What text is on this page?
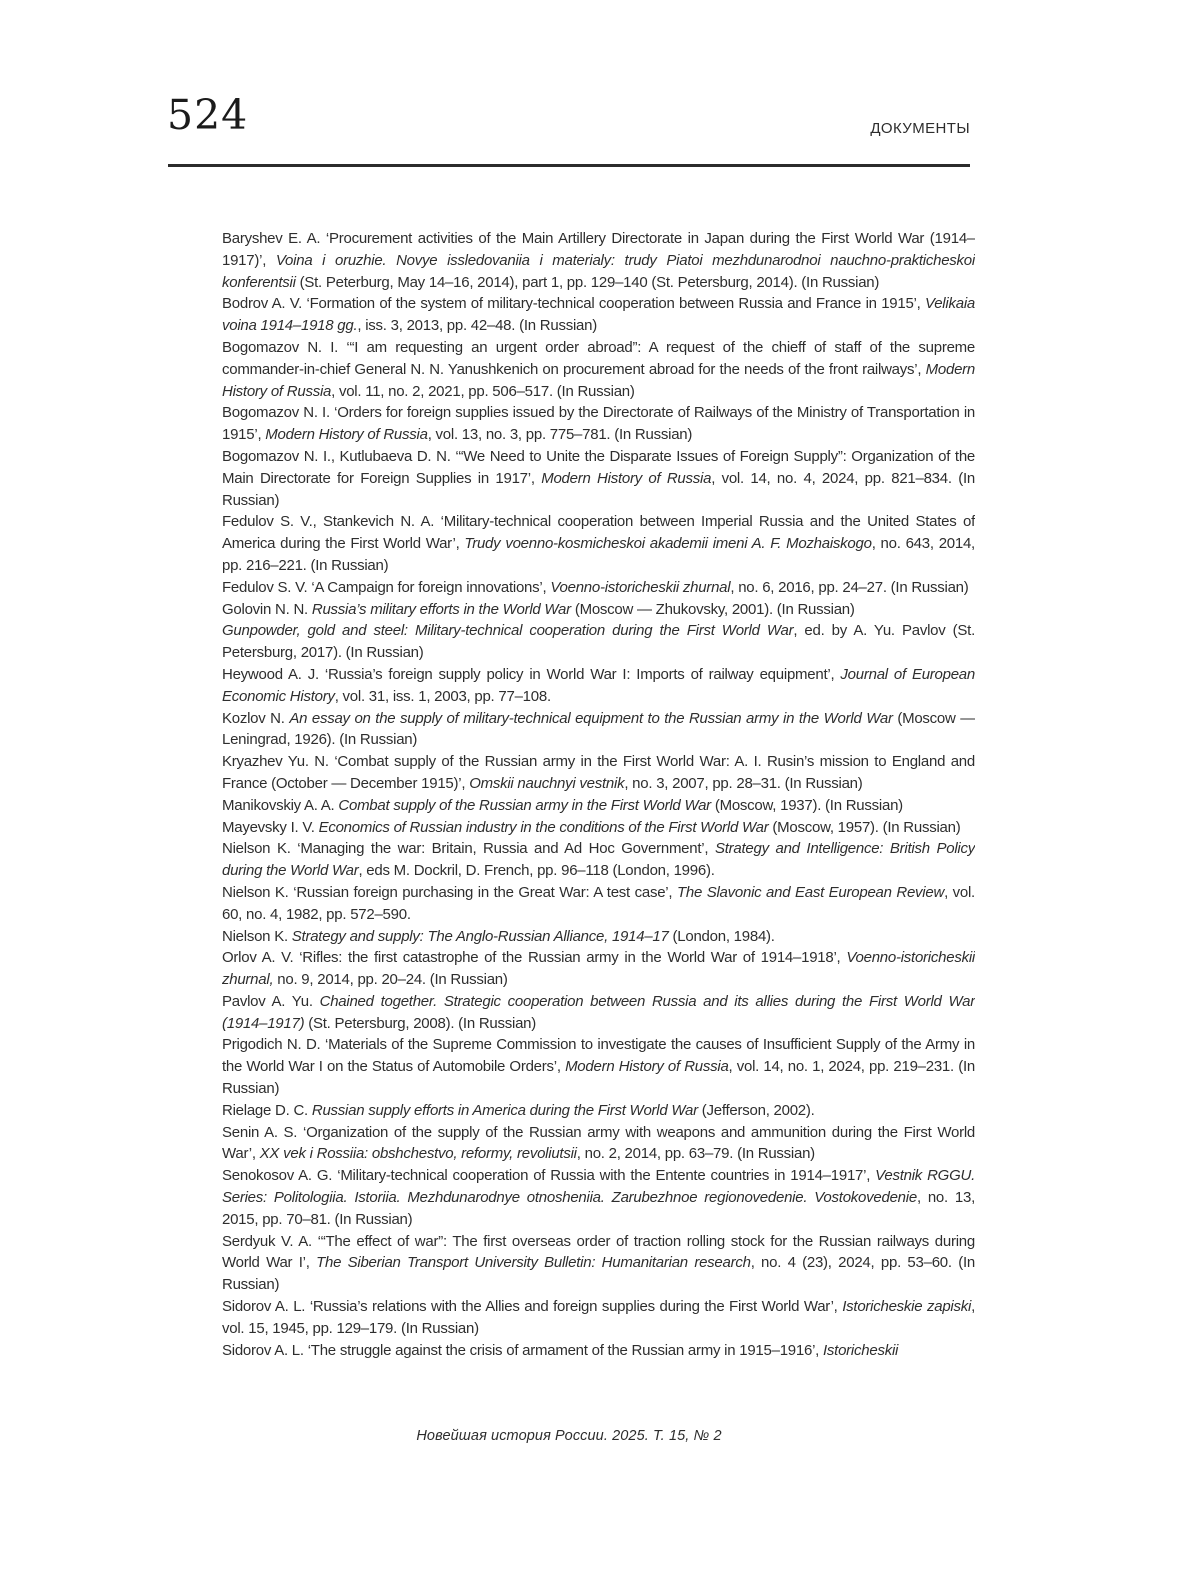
524	ДОКУМЕНТЫ

Baryshev E. A. ‘Procurement activities of the Main Artillery Directorate in Japan during the First World War (1914–1917)’, Voina i oruzhie. Novye issledovaniia i materialy: trudy Piatoi mezhdunarodnoi nauchno-prakticheskoi konferentsii (St. Peterburg, May 14–16, 2014), part 1, pp. 129–140 (St. Petersburg, 2014). (In Russian)

Bodrov A. V. ‘Formation of the system of military-technical cooperation between Russia and France in 1915’, Velikaia voina 1914–1918 gg., iss. 3, 2013, pp. 42–48. (In Russian)

Bogomazov N. I. ‘“I am requesting an urgent order abroad”: A request of the chieff of staff of the supreme commander-in-chief General N. N. Yanushkenich on procurement abroad for the needs of the front railways’, Modern History of Russia, vol. 11, no. 2, 2021, pp. 506–517. (In Russian)

Bogomazov N. I. ‘Orders for foreign supplies issued by the Directorate of Railways of the Ministry of Transportation in 1915’, Modern History of Russia, vol. 13, no. 3, pp. 775–781. (In Russian)

Bogomazov N. I., Kutlubaeva D. N. ‘“We Need to Unite the Disparate Issues of Foreign Supply”: Organization of the Main Directorate for Foreign Supplies in 1917’, Modern History of Russia, vol. 14, no. 4, 2024, pp. 821–834. (In Russian)

Fedulov S. V., Stankevich N. A. ‘Military-technical cooperation between Imperial Russia and the United States of America during the First World War’, Trudy voenno-kosmicheskoi akademii imeni A. F. Mozhaiskogo, no. 643, 2014, pp. 216–221. (In Russian)

Fedulov S. V. ‘A Campaign for foreign innovations’, Voenno-istoricheskii zhurnal, no. 6, 2016, pp. 24–27. (In Russian)

Golovin N. N. Russia’s military efforts in the World War (Moscow — Zhukovsky, 2001). (In Russian)

Gunpowder, gold and steel: Military-technical cooperation during the First World War, ed. by A. Yu. Pavlov (St. Petersburg, 2017). (In Russian)

Heywood A. J. ‘Russia’s foreign supply policy in World War I: Imports of railway equipment’, Journal of European Economic History, vol. 31, iss. 1, 2003, pp. 77–108.

Kozlov N. An essay on the supply of military-technical equipment to the Russian army in the World War (Moscow — Leningrad, 1926). (In Russian)

Kryazhev Yu. N. ‘Combat supply of the Russian army in the First World War: A. I. Rusin’s mission to England and France (October — December 1915)’, Omskii nauchnyi vestnik, no. 3, 2007, pp. 28–31. (In Russian)

Manikovskiy A. A. Combat supply of the Russian army in the First World War (Moscow, 1937). (In Russian)

Mayevsky I. V. Economics of Russian industry in the conditions of the First World War (Moscow, 1957). (In Russian)

Nielson K. ‘Managing the war: Britain, Russia and Ad Hoc Government’, Strategy and Intelligence: British Policy during the World War, eds M. Dockril, D. French, pp. 96–118 (London, 1996).

Nielson K. ‘Russian foreign purchasing in the Great War: A test case’, The Slavonic and East European Review, vol. 60, no. 4, 1982, pp. 572–590.

Nielson K. Strategy and supply: The Anglo-Russian Alliance, 1914–17 (London, 1984).

Orlov A. V. ‘Rifles: the first catastrophe of the Russian army in the World War of 1914–1918’, Voenno-istoricheskii zhurnal, no. 9, 2014, pp. 20–24. (In Russian)

Pavlov A. Yu. Chained together. Strategic cooperation between Russia and its allies during the First World War (1914–1917) (St. Petersburg, 2008). (In Russian)

Prigodich N. D. ‘Materials of the Supreme Commission to investigate the causes of Insufficient Supply of the Army in the World War I on the Status of Automobile Orders’, Modern History of Russia, vol. 14, no. 1, 2024, pp. 219–231. (In Russian)

Rielage D. C. Russian supply efforts in America during the First World War (Jefferson, 2002).

Senin A. S. ‘Organization of the supply of the Russian army with weapons and ammunition during the First World War’, XX vek i Rossiia: obshchestvo, reformy, revoliutsii, no. 2, 2014, pp. 63–79. (In Russian)

Senokosov A. G. ‘Military-technical cooperation of Russia with the Entente countries in 1914–1917’, Vestnik RGGU. Series: Politologiia. Istoriia. Mezhdunarodnye otnosheniia. Zarubezhnoe regionovedenie. Vostokovedenie, no. 13, 2015, pp. 70–81. (In Russian)

Serdyuk V. A. ‘“The effect of war”: The first overseas order of traction rolling stock for the Russian railways during World War I’, The Siberian Transport University Bulletin: Humanitarian research, no. 4 (23), 2024, pp. 53–60. (In Russian)

Sidorov A. L. ‘Russia’s relations with the Allies and foreign supplies during the First World War’, Istoricheskie zapiski, vol. 15, 1945, pp. 129–179. (In Russian)

Sidorov A. L. ‘The struggle against the crisis of armament of the Russian army in 1915–1916’, Istoricheskii

Новейшая история России. 2025. Т. 15, № 2
